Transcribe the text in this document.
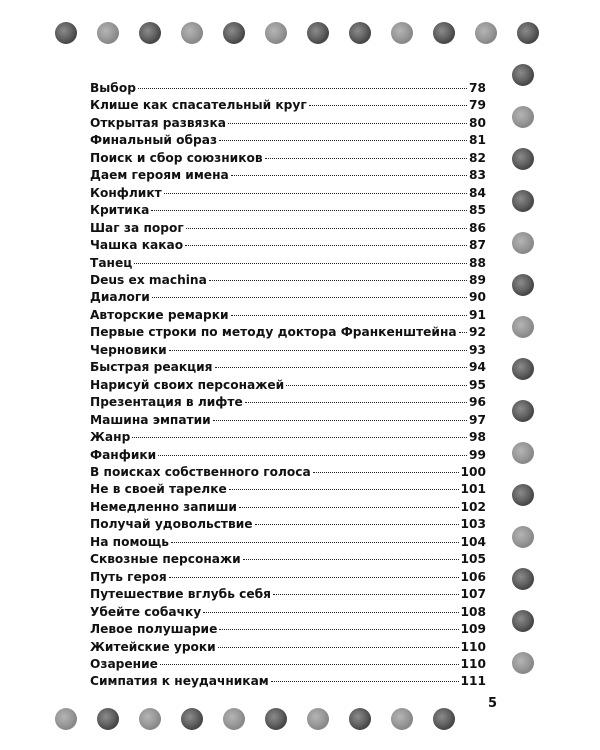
Выбор	78
Клише как спасательный круг	79
Открытая развязка	80
Финальный образ	81
Поиск и сбор союзников	82
Даем героям имена	83
Конфликт	84
Критика	85
Шаг за порог	86
Чашка какао	87
Танец	88
Deus ex machina	89
Диалоги	90
Авторские ремарки	91
Первые строки по методу доктора Франкенштейна 92
Черновики	93
Быстрая реакция	94
Нарисуй своих персонажей	95
Презентация в лифте	96
Машина эмпатии	97
Жанр	98
Фанфики	99
В поисках собственного голоса	100
Не в своей тарелке	101
Немедленно запиши	102
Получай удовольствие	103
На помощь	104
Сквозные персонажи	105
Путь героя	106
Путешествие вглубь себя	107
Убейте собачку	108
Левое полушарие	109
Житейские уроки	110
Озарение	110
Симпатия к неудачникам	111
5
